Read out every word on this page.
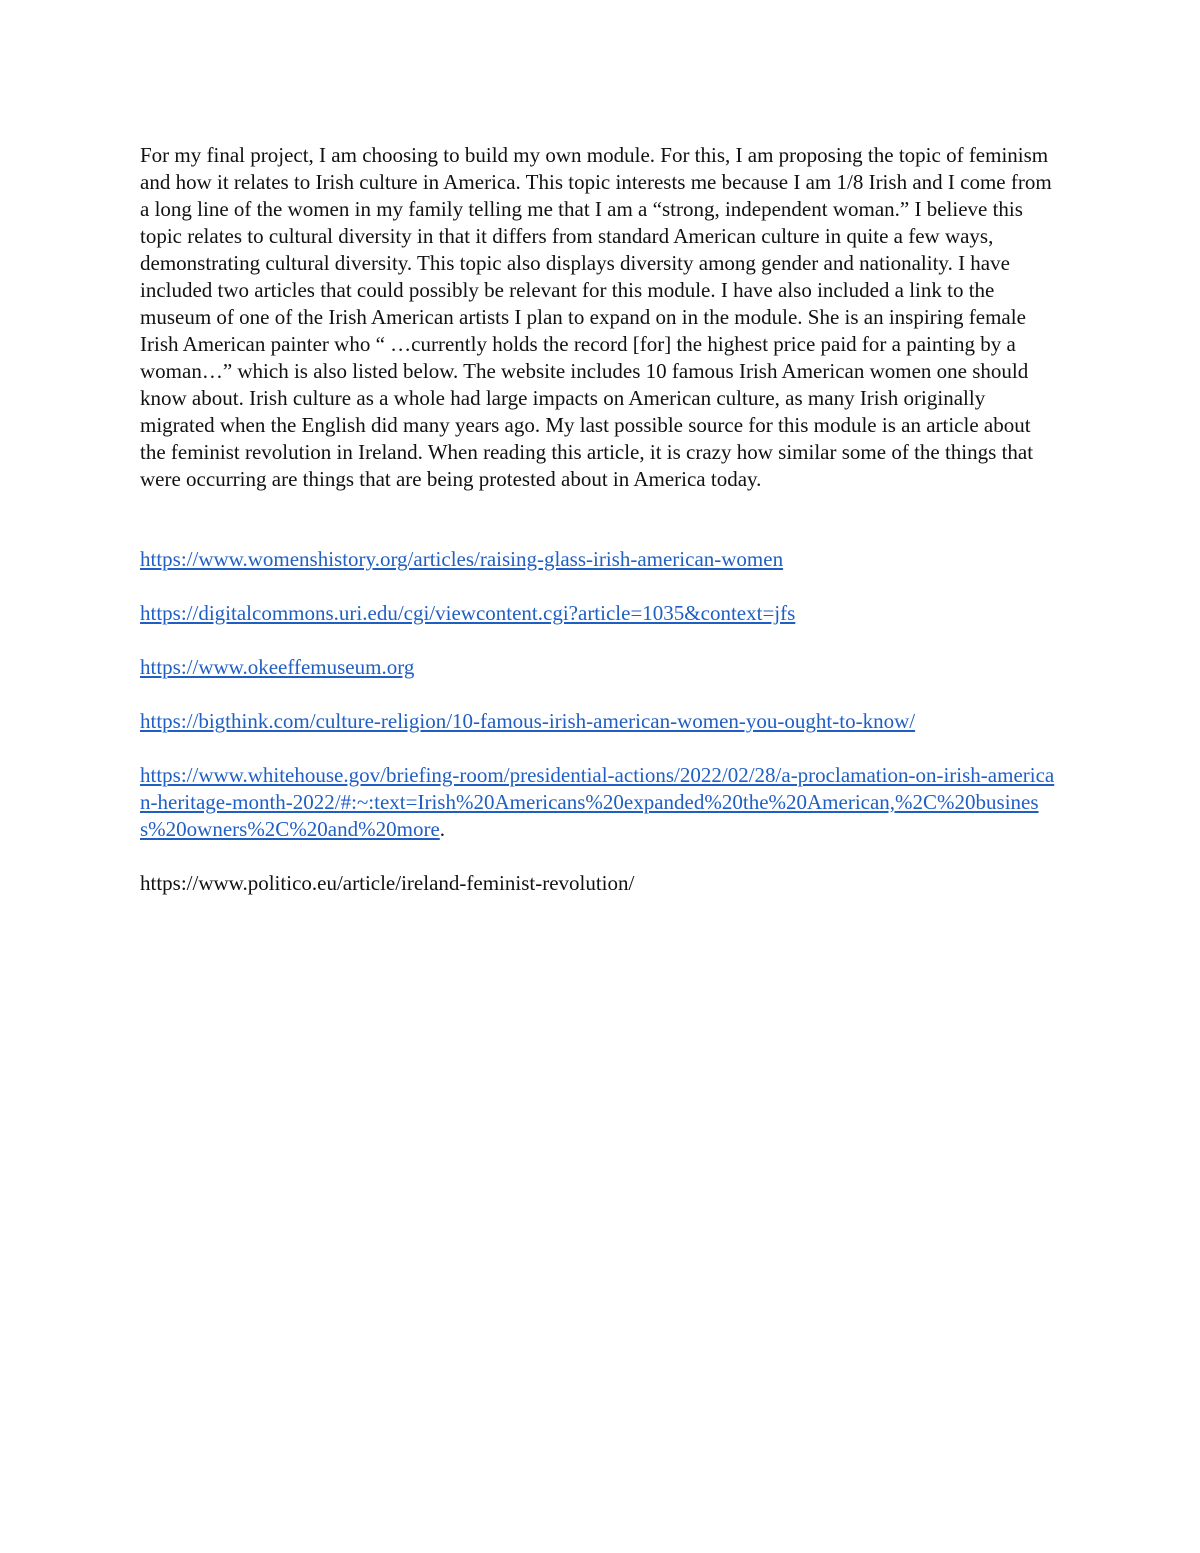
For my final project, I am choosing to build my own module. For this, I am proposing the topic of feminism and how it relates to Irish culture in America. This topic interests me because I am 1/8 Irish and I come from a long line of the women in my family telling me that I am a “strong, independent woman.” I believe this topic relates to cultural diversity in that it differs from standard American culture in quite a few ways, demonstrating cultural diversity. This topic also displays diversity among gender and nationality. I have included two articles that could possibly be relevant for this module. I have also included a link to the museum of one of the Irish American artists I plan to expand on in the module. She is an inspiring female Irish American painter who “ …currently holds the record [for] the highest price paid for a painting by a woman…” which is also listed below. The website includes 10 famous Irish American women one should know about. Irish culture as a whole had large impacts on American culture, as many Irish originally migrated when the English did many years ago. My last possible source for this module is an article about the feminist revolution in Ireland. When reading this article, it is crazy how similar some of the things that were occurring are things that are being protested about in America today.

https://www.womenshistory.org/articles/raising-glass-irish-american-women

https://digitalcommons.uri.edu/cgi/viewcontent.cgi?article=1035&context=jfs

https://www.okeeffemuseum.org

https://bigthink.com/culture-religion/10-famous-irish-american-women-you-ought-to-know/

https://www.whitehouse.gov/briefing-room/presidential-actions/2022/02/28/a-proclamation-on-irish-american-heritage-month-2022/#:~:text=Irish%20Americans%20expanded%20the%20American,%2C%20business%20owners%2C%20and%20more.

https://www.politico.eu/article/ireland-feminist-revolution/
